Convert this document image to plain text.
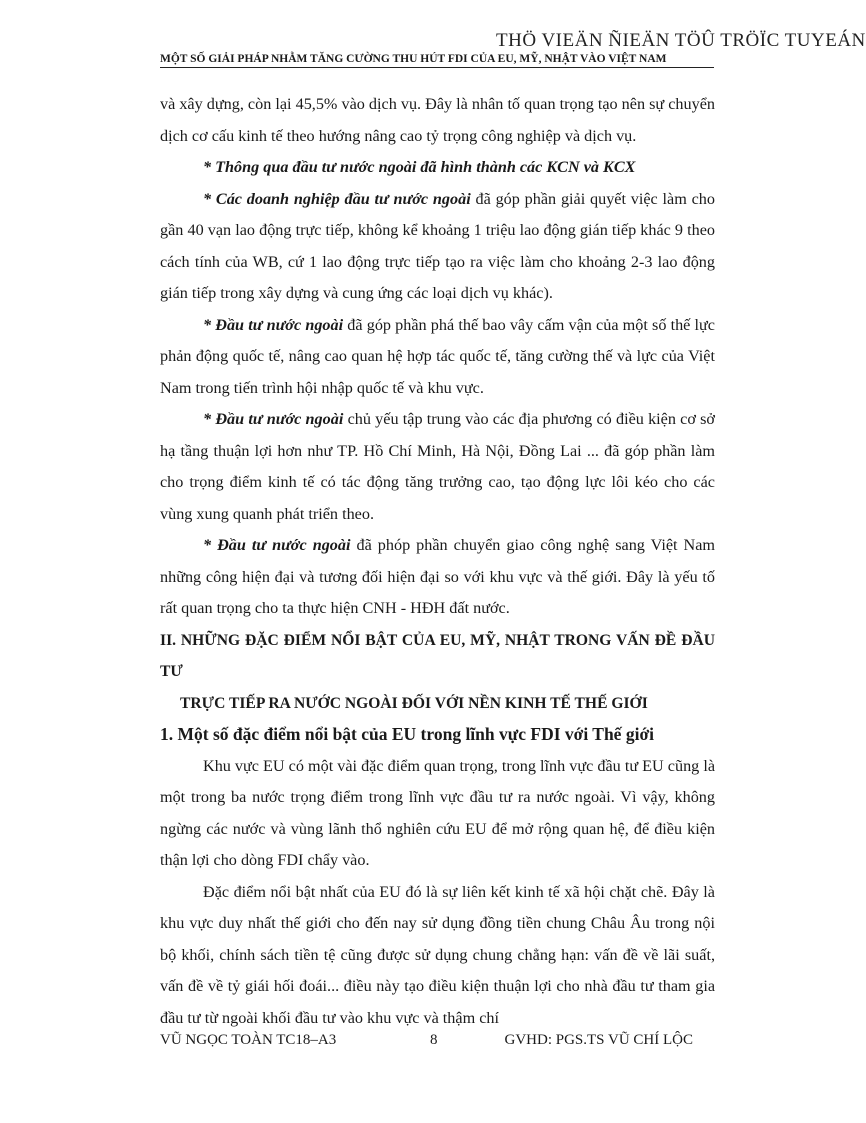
THÖ VIEÄN ÑIEÄN TÖÛ TRÖÏC TUYEÁN
MỘT SỐ GIẢI PHÁP NHẰM TĂNG CƯỜNG THU HÚT FDI CỦA EU, MỸ, NHẬT VÀO VIỆT NAM

và xây dựng, còn lại 45,5% vào dịch vụ. Đây là nhân tố quan trọng tạo nên sự chuyển dịch cơ cấu kinh tế theo hướng nâng cao tỷ trọng công nghiệp và dịch vụ.

* Thông qua đầu tư nước ngoài đã hình thành các KCN và KCX

* Các doanh nghiệp đầu tư nước ngoài đã góp phần giải quyết việc làm cho gần 40 vạn lao động trực tiếp, không kể khoảng 1 triệu lao động gián tiếp khác 9 theo cách tính của WB, cứ 1 lao động trực tiếp tạo ra việc làm cho khoảng 2-3 lao động gián tiếp trong xây dựng và cung ứng các loại dịch vụ khác).

* Đầu tư nước ngoài đã góp phần phá thế bao vây cấm vận của một số thế lực phản động quốc tế, nâng cao quan hệ hợp tác quốc tế, tăng cường thế và lực của Việt Nam trong tiến trình hội nhập quốc tế và khu vực.

* Đầu tư nước ngoài chủ yếu tập trung vào các địa phương có điều kiện cơ sở hạ tầng thuận lợi hơn như TP. Hồ Chí Minh, Hà Nội, Đồng Lai ... đã góp phần làm cho trọng điểm kinh tế có tác động tăng trưởng cao, tạo động lực lôi kéo cho các vùng xung quanh phát triển theo.

* Đầu tư nước ngoài đã phóp phần chuyển giao công nghệ sang Việt Nam những công hiện đại và tương đối hiện đại so với khu vực và thế giới. Đây là yếu tố rất quan trọng cho ta thực hiện CNH - HĐH đất nước.

II. NHỮNG ĐẶC ĐIỂM NỔI BẬT CỦA EU, MỸ, NHẬT TRONG VẤN ĐỀ ĐẦU TƯ

TRỰC TIẾP RA NƯỚC NGOÀI ĐỐI VỚI NỀN KINH TẾ THẾ GIỚI

1. Một số đặc điểm nổi bật của EU trong lĩnh vực FDI với Thế giới

Khu vực EU có một vài đặc điểm quan trọng, trong lĩnh vực đầu tư EU cũng là một trong ba nước trọng điểm trong lĩnh vực đầu tư ra nước ngoài. Vì vậy, không ngừng các nước và vùng lãnh thổ nghiên cứu EU để mở rộng quan hệ, để điều kiện thận lợi cho dòng FDI chẩy vào.

Đặc điểm nổi bật nhất của EU đó là sự liên kết kinh tế xã hội chặt chẽ. Đây là khu vực duy nhất thế giới cho đến nay sử dụng đồng tiền chung Châu Âu trong nội bộ khối, chính sách tiền tệ cũng được sử dụng chung chẳng hạn: vấn đề về lãi suất, vấn đề về tỷ giái hối đoái... điều này tạo điều kiện thuận lợi cho nhà đầu tư tham gia đầu tư từ ngoài khối đầu tư vào khu vực và thậm chí

VŨ NGỌC TOÀN TC18–A3	8	GVHD: PGS.TS VŨ CHÍ LỘC
